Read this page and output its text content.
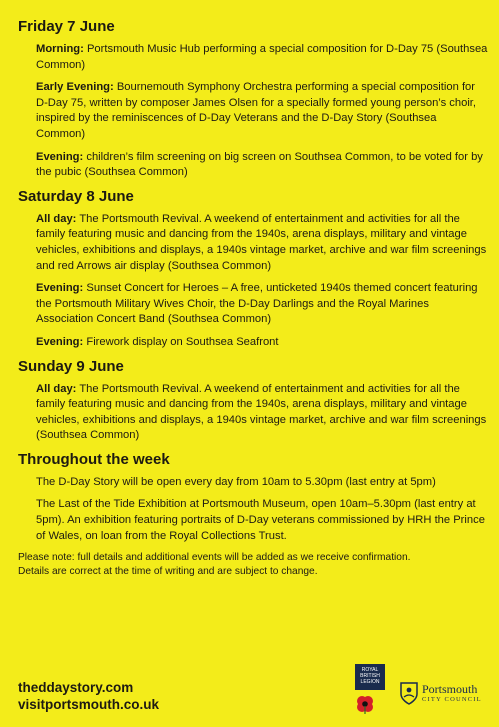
Friday 7 June
Morning: Portsmouth Music Hub performing a special composition for D-Day 75 (Southsea Common)
Early Evening: Bournemouth Symphony Orchestra performing a special composition for D-Day 75, written by composer James Olsen for a specially formed young person’s choir, inspired by the reminiscences of D-Day Veterans and the D-Day Story (Southsea Common)
Evening: children’s film screening on big screen on Southsea Common, to be voted for by the pubic (Southsea Common)
Saturday 8 June
All day: The Portsmouth Revival. A weekend of entertainment and activities for all the family featuring music and dancing from the 1940s, arena displays, military and vintage vehicles, exhibitions and displays, a 1940s vintage market, archive and war film screenings and red Arrows air display (Southsea Common)
Evening: Sunset Concert for Heroes – A free, unticketed 1940s themed concert featuring the Portsmouth Military Wives Choir, the D-Day Darlings and the Royal Marines Association Concert Band (Southsea Common)
Evening: Firework display on Southsea Seafront
Sunday 9 June
All day: The Portsmouth Revival. A weekend of entertainment and activities for all the family featuring music and dancing from the 1940s, arena displays, military and vintage vehicles, exhibitions and displays, a 1940s vintage market, archive and war film screenings (Southsea Common)
Throughout the week
The D-Day Story will be open every day from 10am to 5.30pm (last entry at 5pm)
The Last of the Tide Exhibition at Portsmouth Museum, open 10am–5.30pm (last entry at 5pm). An exhibition featuring portraits of D-Day veterans commissioned by HRH the Prince of Wales, on loan from the Royal Collections Trust.
Please note: full details and additional events will be added as we receive confirmation.
Details are correct at the time of writing and are subject to change.
theddaystory.com
visitportsmouth.co.uk
ROYAL BRITISH LEGION	Portsmouth
CITY COUNCIL
